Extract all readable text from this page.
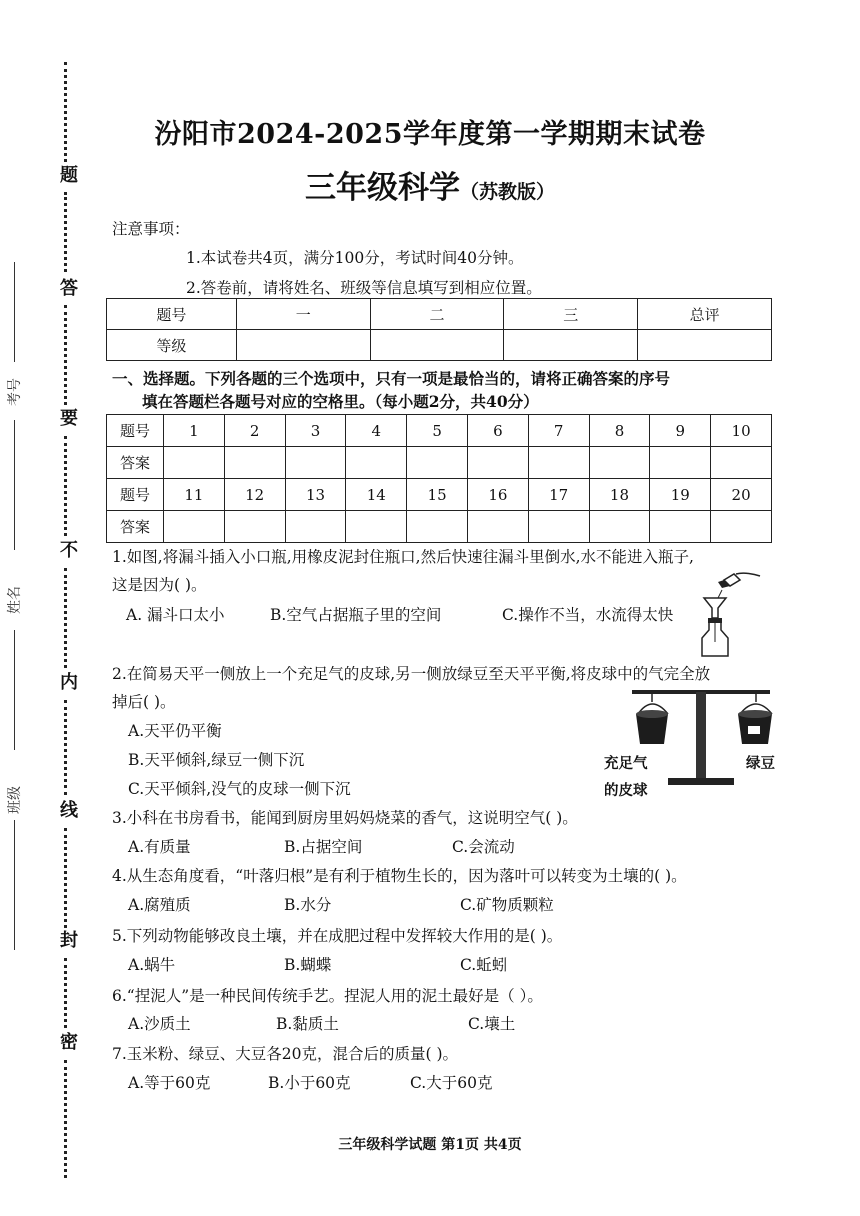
题
答
要
不
内
线
封
密
考号
姓名
班级
汾阳市2024-2025学年度第一学期期末试卷
三年级科学（苏教版）
注意事项：
1.本试卷共4页，满分100分，考试时间40分钟。
2.答卷前，请将姓名、班级等信息填写到相应位置。
题号	一	二	三	总评
等级				
一、选择题。下列各题的三个选项中，只有一项是最恰当的，请将正确答案的序号
填在答题栏各题号对应的空格里。（每小题2分，共40分）
题号	1	2	3	4	5	6	7	8	9	10
答案										
题号	11	12	13	14	15	16	17	18	19	20
答案										
1.如图,将漏斗插入小口瓶,用橡皮泥封住瓶口,然后快速往漏斗里倒水,水不能进入瓶子,
这是因为( )。
A. 漏斗口太小	B.空气占据瓶子里的空间	C.操作不当，水流得太快
2.在简易天平一侧放上一个充足气的皮球,另一侧放绿豆至天平平衡,将皮球中的气完全放
掉后( )。
A.天平仍平衡
B.天平倾斜,绿豆一侧下沉
C.天平倾斜,没气的皮球一侧下沉
充足气
的皮球
绿豆
3.小科在书房看书，能闻到厨房里妈妈烧菜的香气，这说明空气( )。
A.有质量	B.占据空间	C.会流动
4.从生态角度看，“叶落归根”是有利于植物生长的，因为落叶可以转变为土壤的( )。
A.腐殖质	B.水分	C.矿物质颗粒
5.下列动物能够改良土壤，并在成肥过程中发挥较大作用的是( )。
A.蜗牛	B.蝴蝶	C.蚯蚓
6.“捏泥人”是一种民间传统手艺。捏泥人用的泥土最好是（ ）。
A.沙质土	B.黏质土	C.壤土
7.玉米粉、绿豆、大豆各20克，混合后的质量( )。
A.等于60克	B.小于60克	C.大于60克
三年级科学试题 第1页 共4页
